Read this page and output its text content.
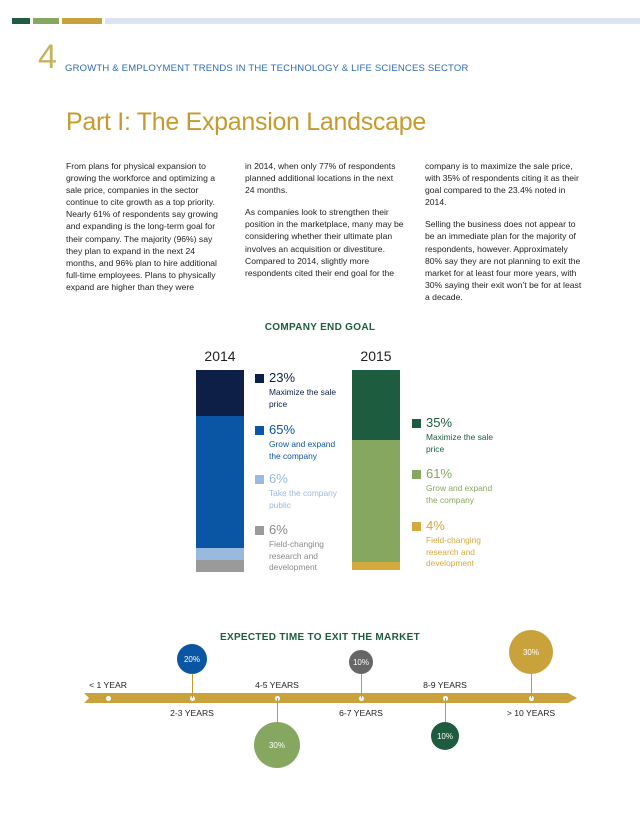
4 GROWTH & EMPLOYMENT TRENDS IN THE TECHNOLOGY & LIFE SCIENCES SECTOR
Part I: The Expansion Landscape

From plans for physical expansion to growing the workforce and optimizing a sale price, companies in the sector continue to cite growth as a top priority. Nearly 61% of respondents say growing and expanding is the long-term goal for their company. The majority (96%) say they plan to expand in the next 24 months, and 96% plan to hire additional full-time employees. Plans to physically expand are higher than they were

in 2014, when only 77% of respondents planned additional locations in the next 24 months.

As companies look to strengthen their position in the marketplace, many may be considering whether their ultimate plan involves an acquisition or divestiture. Compared to 2014, slightly more respondents cited their end goal for the

company is to maximize the sale price, with 35% of respondents citing it as their goal compared to the 23.4% noted in 2014.

Selling the business does not appear to be an immediate plan for the majority of respondents, however. Approximately 80% say they are not planning to exit the market for at least four more years, with 30% saying their exit won’t be for at least a decade.

COMPANY END GOAL
2014	2015
23%
Maximize the sale price
65%
Grow and expand the company
6%
Take the company public
6%
Field-changing research and development
35%
Maximize the sale price
61%
Grow and expand the company
4%
Field-changing research and development
EXPECTED TIME TO EXIT THE MARKET
< 1 YEAR
2-3 YEARS
20%
4-5 YEARS
30%
6-7 YEARS
10%
8-9 YEARS
10%
> 10 YEARS
30%
